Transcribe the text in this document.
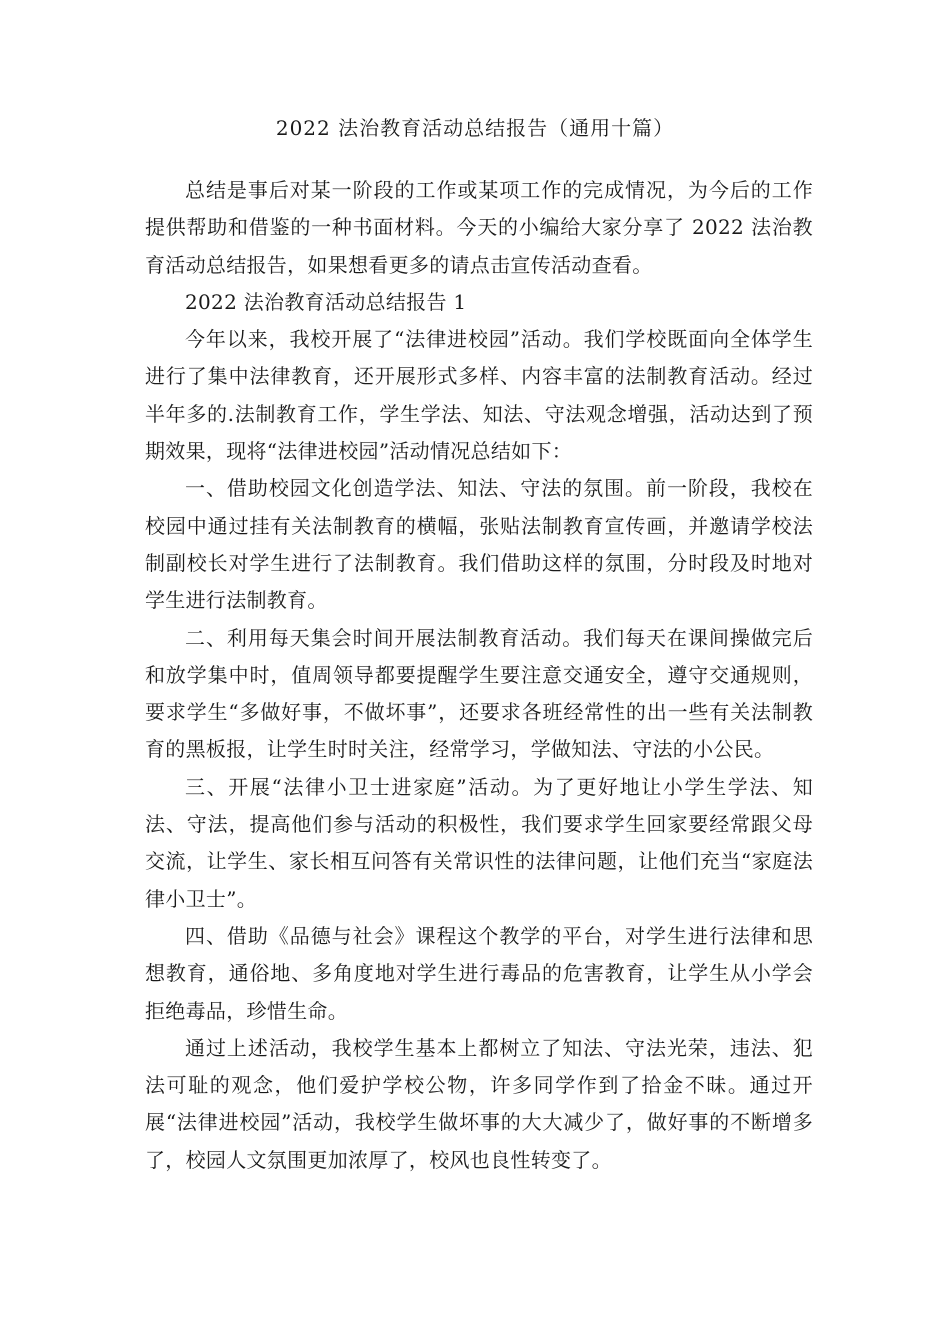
2022 法治教育活动总结报告（通用十篇）

总结是事后对某一阶段的工作或某项工作的完成情况，为今后的工作提供帮助和借鉴的一种书面材料。今天的小编给大家分享了 2022 法治教育活动总结报告，如果想看更多的请点击宣传活动查看。

2022 法治教育活动总结报告 1

今年以来，我校开展了“法律进校园”活动。我们学校既面向全体学生进行了集中法律教育，还开展形式多样、内容丰富的法制教育活动。经过半年多的.法制教育工作，学生学法、知法、守法观念增强，活动达到了预期效果，现将“法律进校园”活动情况总结如下：

一、借助校园文化创造学法、知法、守法的氛围。前一阶段，我校在校园中通过挂有关法制教育的横幅，张贴法制教育宣传画，并邀请学校法制副校长对学生进行了法制教育。我们借助这样的氛围，分时段及时地对学生进行法制教育。

二、利用每天集会时间开展法制教育活动。我们每天在课间操做完后和放学集中时，值周领导都要提醒学生要注意交通安全，遵守交通规则，要求学生“多做好事，不做坏事”，还要求各班经常性的出一些有关法制教育的黑板报，让学生时时关注，经常学习，学做知法、守法的小公民。

三、开展“法律小卫士进家庭”活动。为了更好地让小学生学法、知法、守法，提高他们参与活动的积极性，我们要求学生回家要经常跟父母交流，让学生、家长相互问答有关常识性的法律问题，让他们充当“家庭法律小卫士”。

四、借助《品德与社会》课程这个教学的平台，对学生进行法律和思想教育，通俗地、多角度地对学生进行毒品的危害教育，让学生从小学会拒绝毒品，珍惜生命。

通过上述活动，我校学生基本上都树立了知法、守法光荣，违法、犯法可耻的观念，他们爱护学校公物，许多同学作到了拾金不昧。通过开展“法律进校园”活动，我校学生做坏事的大大减少了，做好事的不断增多了，校园人文氛围更加浓厚了，校风也良性转变了。
